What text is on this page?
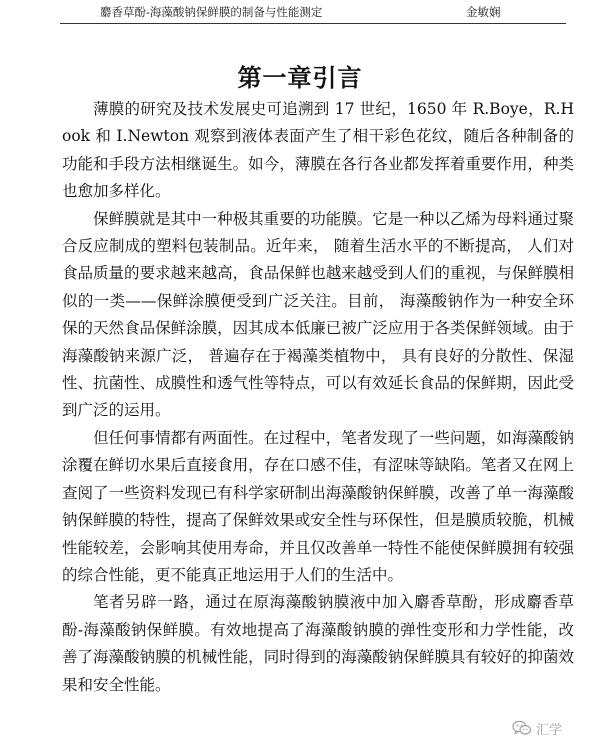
麝香草酚-海藻酸钠保鲜膜的制备与性能测定	金敏娴
第一章引言

薄膜的研究及技术发展史可追溯到 17 世纪，1650 年 R.Boye，R.Hook 和 I.Newton 观察到液体表面产生了相干彩色花纹，随后各种制备的功能和手段方法相继诞生。如今，薄膜在各行各业都发挥着重要作用，种类也愈加多样化。

保鲜膜就是其中一种极其重要的功能膜。它是一种以乙烯为母料通过聚合反应制成的塑料包装制品。近年来， 随着生活水平的不断提高， 人们对食品质量的要求越来越高，食品保鲜也越来越受到人们的重视，与保鲜膜相似的一类——保鲜涂膜便受到广泛关注。目前， 海藻酸钠作为一种安全环保的天然食品保鲜涂膜，因其成本低廉已被广泛应用于各类保鲜领域。由于海藻酸钠来源广泛， 普遍存在于褐藻类植物中， 具有良好的分散性、保湿性、抗菌性、成膜性和透气性等特点，可以有效延长食品的保鲜期，因此受到广泛的运用。

但任何事情都有两面性。在过程中，笔者发现了一些问题，如海藻酸钠涂覆在鲜切水果后直接食用，存在口感不佳，有涩味等缺陷。笔者又在网上查阅了一些资料发现已有科学家研制出海藻酸钠保鲜膜，改善了单一海藻酸钠保鲜膜的特性，提高了保鲜效果或安全性与环保性，但是膜质较脆，机械性能较差，会影响其使用寿命，并且仅改善单一特性不能使保鲜膜拥有较强的综合性能，更不能真正地运用于人们的生活中。

笔者另辟一路，通过在原海藻酸钠膜液中加入麝香草酚，形成麝香草酚-海藻酸钠保鲜膜。有效地提高了海藻酸钠膜的弹性变形和力学性能，改善了海藻酸钠膜的机械性能，同时得到的海藻酸钠保鲜膜具有较好的抑菌效果和安全性能。

汇学
